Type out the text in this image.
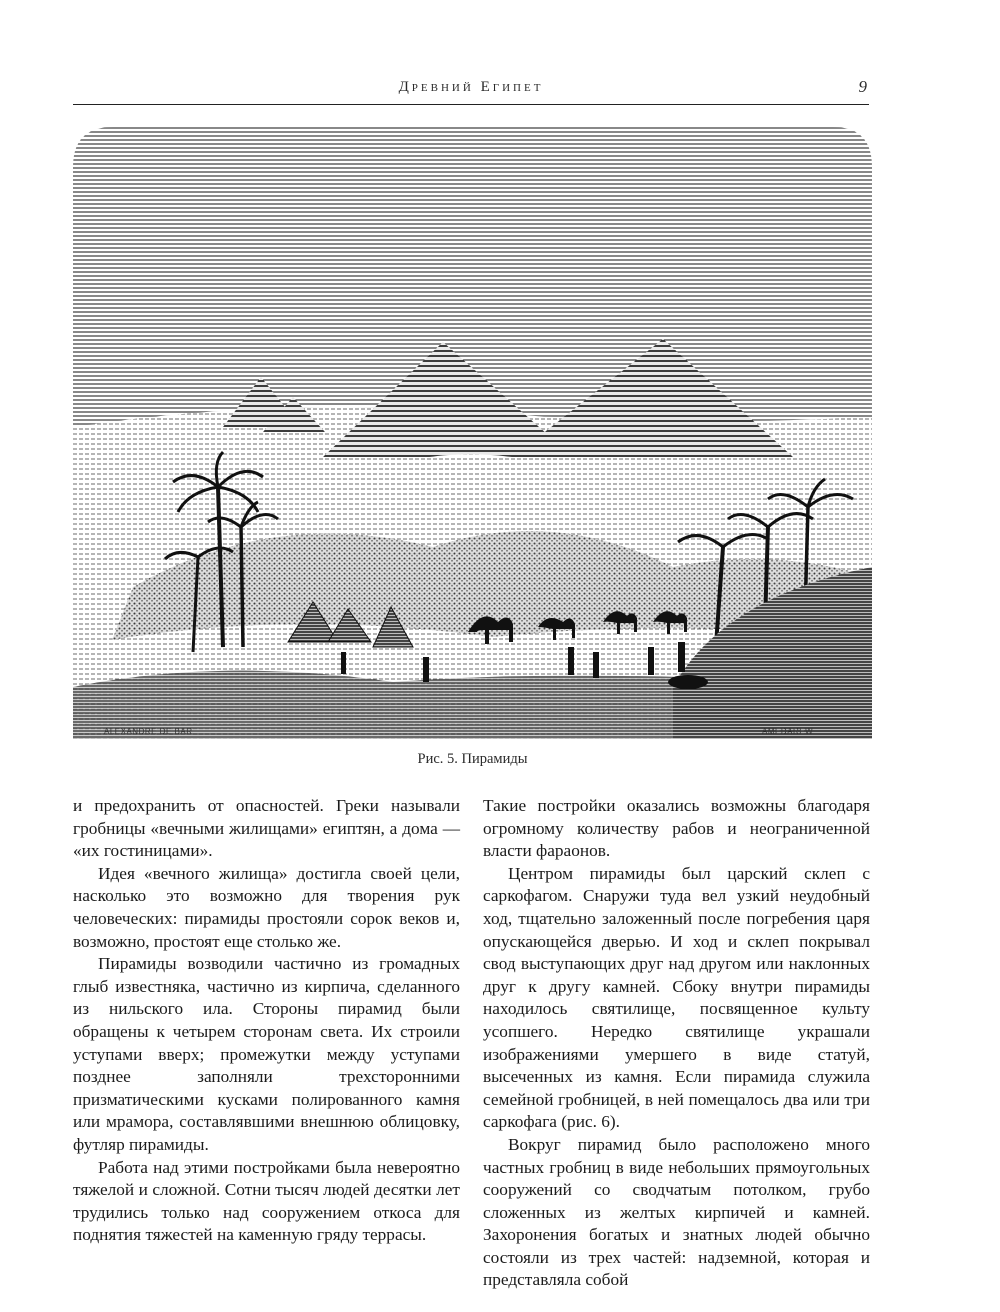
Древний Египет	9
ALEXANDRE DE BAR	AMEDAREW
Рис. 5. Пирамиды

и предохранить от опасностей. Греки называли гробницы «вечными жилищами» египтян, а дома — «их гостиницами».

Идея «вечного жилища» достигла своей цели, насколько это возможно для творения рук человеческих: пирамиды простояли сорок веков и, возможно, простоят еще столько же.

Пирамиды возводили частично из громадных глыб известняка, частично из кирпича, сделанного из нильского ила. Стороны пирамид были обращены к четырем сторонам света. Их строили уступами вверх; промежутки между уступами позднее заполняли трехсторонними призматическими кусками полированного камня или мрамора, составлявшими внешнюю облицовку, футляр пирамиды.

Работа над этими постройками была невероятно тяжелой и сложной. Сотни тысяч людей десятки лет трудились только над сооружением откоса для поднятия тяжестей на каменную гряду террасы.

Такие постройки оказались возможны благодаря огромному количеству рабов и неограниченной власти фараонов.

Центром пирамиды был царский склеп с саркофагом. Снаружи туда вел узкий неудобный ход, тщательно заложенный после погребения царя опускающейся дверью. И ход и склеп покрывал свод выступающих друг над другом или наклонных друг к другу камней. Сбоку внутри пирамиды находилось святилище, посвященное культу усопшего. Нередко святилище украшали изображениями умершего в виде статуй, высеченных из камня. Если пирамида служила семейной гробницей, в ней помещалось два или три саркофага (рис. 6).

Вокруг пирамид было расположено много частных гробниц в виде небольших прямоугольных сооружений со сводчатым потолком, грубо сложенных из желтых кирпичей и камней. Захоронения богатых и знатных людей обычно состояли из трех частей: надземной, которая и представляла собой
